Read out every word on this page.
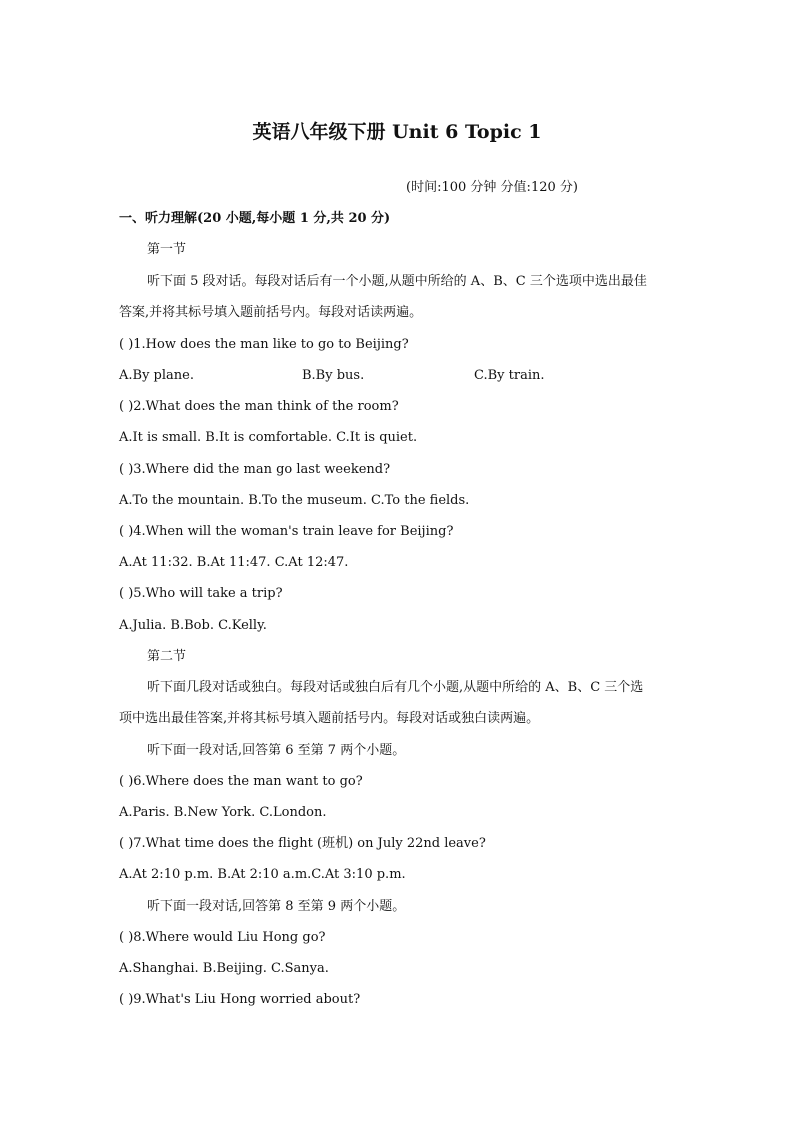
英语八年级下册 Unit 6 Topic 1
(时间:100 分钟 分值:120 分)
一、听力理解(20 小题,每小题 1 分,共 20 分)
第一节
听下面 5 段对话。每段对话后有一个小题,从题中所给的 A、B、C 三个选项中选出最佳
答案,并将其标号填入题前括号内。每段对话读两遍。
( )1.How does the man like to go to Beijing?
A.By plane.	B.By bus.	C.By train.
( )2.What does the man think of the room?
A.It is small. B.It is comfortable. C.It is quiet.
( )3.Where did the man go last weekend?
A.To the mountain. B.To the museum. C.To the fields.
( )4.When will the woman's train leave for Beijing?
A.At 11:32. B.At 11:47. C.At 12:47.
( )5.Who will take a trip?
A.Julia. B.Bob. C.Kelly.
第二节
听下面几段对话或独白。每段对话或独白后有几个小题,从题中所给的 A、B、C 三个选
项中选出最佳答案,并将其标号填入题前括号内。每段对话或独白读两遍。
听下面一段对话,回答第 6 至第 7 两个小题。
( )6.Where does the man want to go?
A.Paris. B.New York. C.London.
( )7.What time does the flight (班机) on July 22nd leave?
A.At 2:10 p.m. B.At 2:10 a.m.C.At 3:10 p.m.
听下面一段对话,回答第 8 至第 9 两个小题。
( )8.Where would Liu Hong go?
A.Shanghai. B.Beijing. C.Sanya.
( )9.What's Liu Hong worried about?
